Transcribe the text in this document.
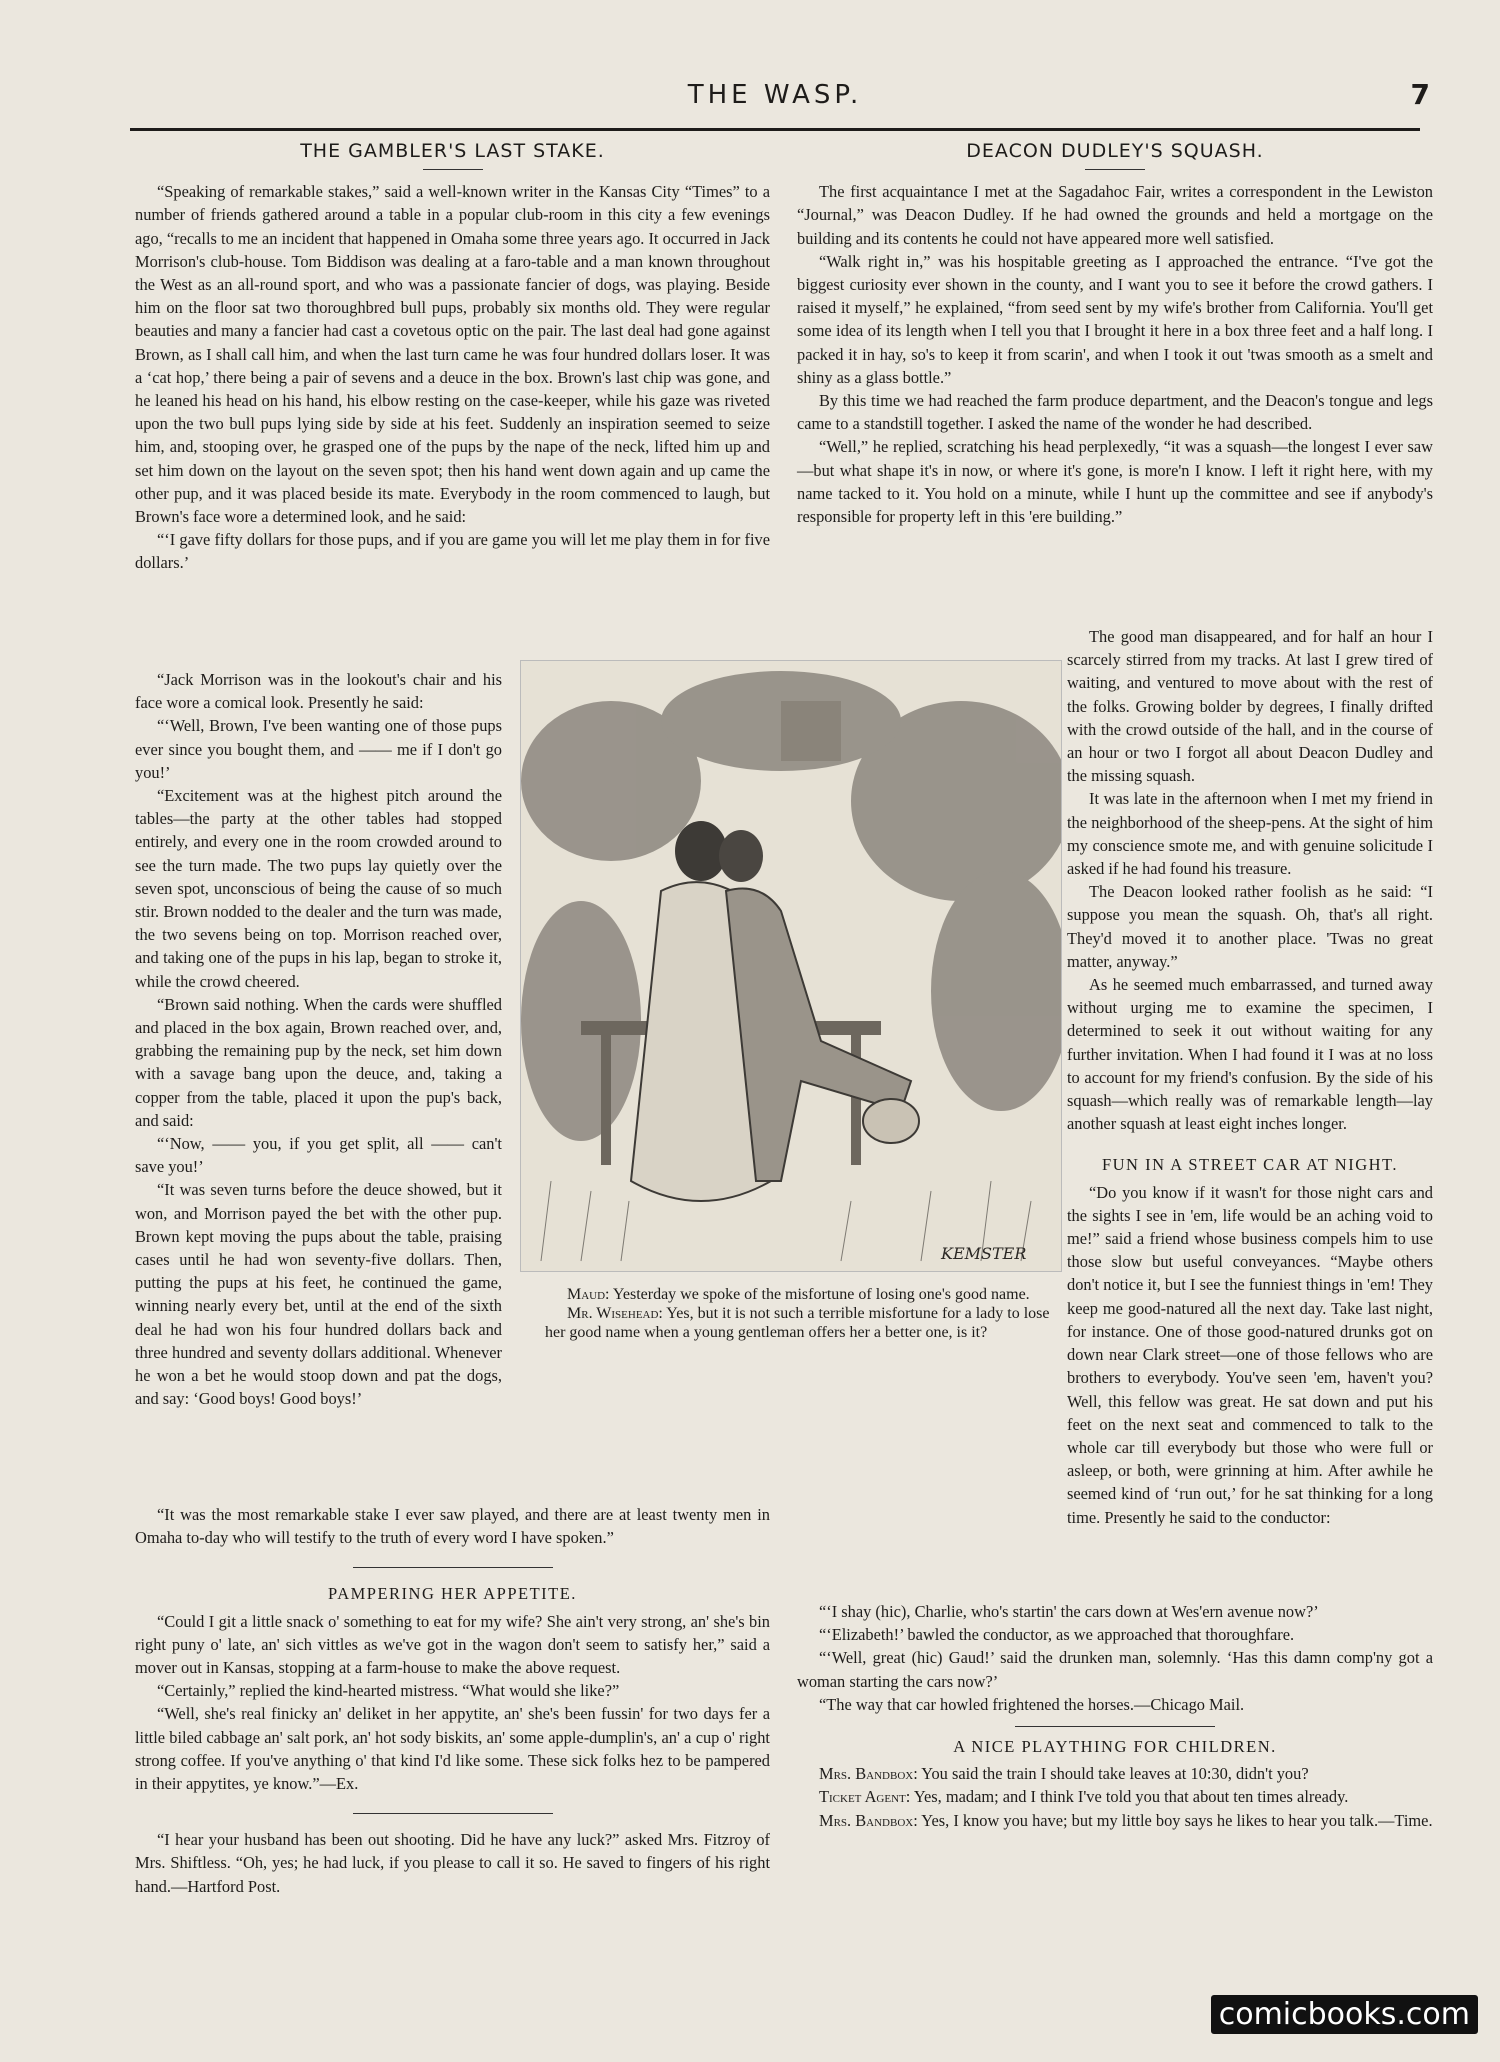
THE WASP.	7
THE GAMBLER'S LAST STAKE.

“Speaking of remarkable stakes,” said a well-known writer in the Kansas City “Times” to a number of friends gathered around a table in a popular club-room in this city a few evenings ago, “recalls to me an incident that happened in Omaha some three years ago. It occurred in Jack Morrison's club-house. Tom Biddison was dealing at a faro-table and a man known throughout the West as an all-round sport, and who was a passionate fancier of dogs, was playing. Beside him on the floor sat two thoroughbred bull pups, probably six months old. They were regular beauties and many a fancier had cast a covetous optic on the pair. The last deal had gone against Brown, as I shall call him, and when the last turn came he was four hundred dollars loser. It was a ‘cat hop,’ there being a pair of sevens and a deuce in the box. Brown's last chip was gone, and he leaned his head on his hand, his elbow resting on the case-keeper, while his gaze was riveted upon the two bull pups lying side by side at his feet. Suddenly an inspiration seemed to seize him, and, stooping over, he grasped one of the pups by the nape of the neck, lifted him up and set him down on the layout on the seven spot; then his hand went down again and up came the other pup, and it was placed beside its mate. Everybody in the room commenced to laugh, but Brown's face wore a determined look, and he said:

“‘I gave fifty dollars for those pups, and if you are game you will let me play them in for five dollars.’

“Jack Morrison was in the lookout's chair and his face wore a comical look. Presently he said:

“‘Well, Brown, I've been wanting one of those pups ever since you bought them, and —— me if I don't go you!’

“Excitement was at the highest pitch around the tables—the party at the other tables had stopped entirely, and every one in the room crowded around to see the turn made. The two pups lay quietly over the seven spot, unconscious of being the cause of so much stir. Brown nodded to the dealer and the turn was made, the two sevens being on top. Morrison reached over, and taking one of the pups in his lap, began to stroke it, while the crowd cheered.

“Brown said nothing. When the cards were shuffled and placed in the box again, Brown reached over, and, grabbing the remaining pup by the neck, set him down with a savage bang upon the deuce, and, taking a copper from the table, placed it upon the pup's back, and said:

“‘Now, —— you, if you get split, all —— can't save you!’

“It was seven turns before the deuce showed, but it won, and Morrison payed the bet with the other pup. Brown kept moving the pups about the table, praising cases until he had won seventy-five dollars. Then, putting the pups at his feet, he continued the game, winning nearly every bet, until at the end of the sixth deal he had won his four hundred dollars back and three hundred and seventy dollars additional. Whenever he won a bet he would stoop down and pat the dogs, and say: ‘Good boys! Good boys!’

“It was the most remarkable stake I ever saw played, and there are at least twenty men in Omaha to-day who will testify to the truth of every word I have spoken.”

PAMPERING HER APPETITE.

“Could I git a little snack o' something to eat for my wife? She ain't very strong, an' she's bin right puny o' late, an' sich vittles as we've got in the wagon don't seem to satisfy her,” said a mover out in Kansas, stopping at a farm-house to make the above request.

“Certainly,” replied the kind-hearted mistress. “What would she like?”

“Well, she's real finicky an' deliket in her appytite, an' she's been fussin' for two days fer a little biled cabbage an' salt pork, an' hot sody biskits, an' some apple-dumplin's, an' a cup o' right strong coffee. If you've anything o' that kind I'd like some. These sick folks hez to be pampered in their appytites, ye know.”—Ex.

“I hear your husband has been out shooting. Did he have any luck?” asked Mrs. Fitzroy of Mrs. Shiftless. “Oh, yes; he had luck, if you please to call it so. He saved to fingers of his right hand.—Hartford Post.

DEACON DUDLEY'S SQUASH.

The first acquaintance I met at the Sagadahoc Fair, writes a correspondent in the Lewiston “Journal,” was Deacon Dudley. If he had owned the grounds and held a mortgage on the building and its contents he could not have appeared more well satisfied.

“Walk right in,” was his hospitable greeting as I approached the entrance. “I've got the biggest curiosity ever shown in the county, and I want you to see it before the crowd gathers. I raised it myself,” he explained, “from seed sent by my wife's brother from California. You'll get some idea of its length when I tell you that I brought it here in a box three feet and a half long. I packed it in hay, so's to keep it from scarin', and when I took it out 'twas smooth as a smelt and shiny as a glass bottle.”

By this time we had reached the farm produce department, and the Deacon's tongue and legs came to a standstill together. I asked the name of the wonder he had described.

“Well,” he replied, scratching his head perplexedly, “it was a squash—the longest I ever saw—but what shape it's in now, or where it's gone, is more'n I know. I left it right here, with my name tacked to it. You hold on a minute, while I hunt up the committee and see if anybody's responsible for property left in this 'ere building.”

The good man disappeared, and for half an hour I scarcely stirred from my tracks. At last I grew tired of waiting, and ventured to move about with the rest of the folks. Growing bolder by degrees, I finally drifted with the crowd outside of the hall, and in the course of an hour or two I forgot all about Deacon Dudley and the missing squash.

It was late in the afternoon when I met my friend in the neighborhood of the sheep-pens. At the sight of him my conscience smote me, and with genuine solicitude I asked if he had found his treasure.

The Deacon looked rather foolish as he said: “I suppose you mean the squash. Oh, that's all right. They'd moved it to another place. 'Twas no great matter, anyway.”

As he seemed much embarrassed, and turned away without urging me to examine the specimen, I determined to seek it out without waiting for any further invitation. When I had found it I was at no loss to account for my friend's confusion. By the side of his squash—which really was of remarkable length—lay another squash at least eight inches longer.

FUN IN A STREET CAR AT NIGHT.

“Do you know if it wasn't for those night cars and the sights I see in 'em, life would be an aching void to me!” said a friend whose business compels him to use those slow but useful conveyances. “Maybe others don't notice it, but I see the funniest things in 'em! They keep me good-natured all the next day. Take last night, for instance. One of those good-natured drunks got on down near Clark street—one of those fellows who are brothers to everybody. You've seen 'em, haven't you? Well, this fellow was great. He sat down and put his feet on the next seat and commenced to talk to the whole car till everybody but those who were full or asleep, or both, were grinning at him. After awhile he seemed kind of ‘run out,’ for he sat thinking for a long time. Presently he said to the conductor:

“‘I shay (hic), Charlie, who's startin' the cars down at Wes'ern avenue now?’

“‘Elizabeth!’ bawled the conductor, as we approached that thoroughfare.

“‘Well, great (hic) Gaud!’ said the drunken man, solemnly. ‘Has this damn comp'ny got a woman starting the cars now?’

“The way that car howled frightened the horses.—Chicago Mail.

A NICE PLAYTHING FOR CHILDREN.

Mrs. Bandbox: You said the train I should take leaves at 10:30, didn't you?

Ticket Agent: Yes, madam; and I think I've told you that about ten times already.

Mrs. Bandbox: Yes, I know you have; but my little boy says he likes to hear you talk.—Time.

KEMSTER

Maud: Yesterday we spoke of the misfortune of losing one's good name.

Mr. Wisehead: Yes, but it is not such a terrible misfortune for a lady to lose her good name when a young gentleman offers her a better one, is it?

comicbooks.com
